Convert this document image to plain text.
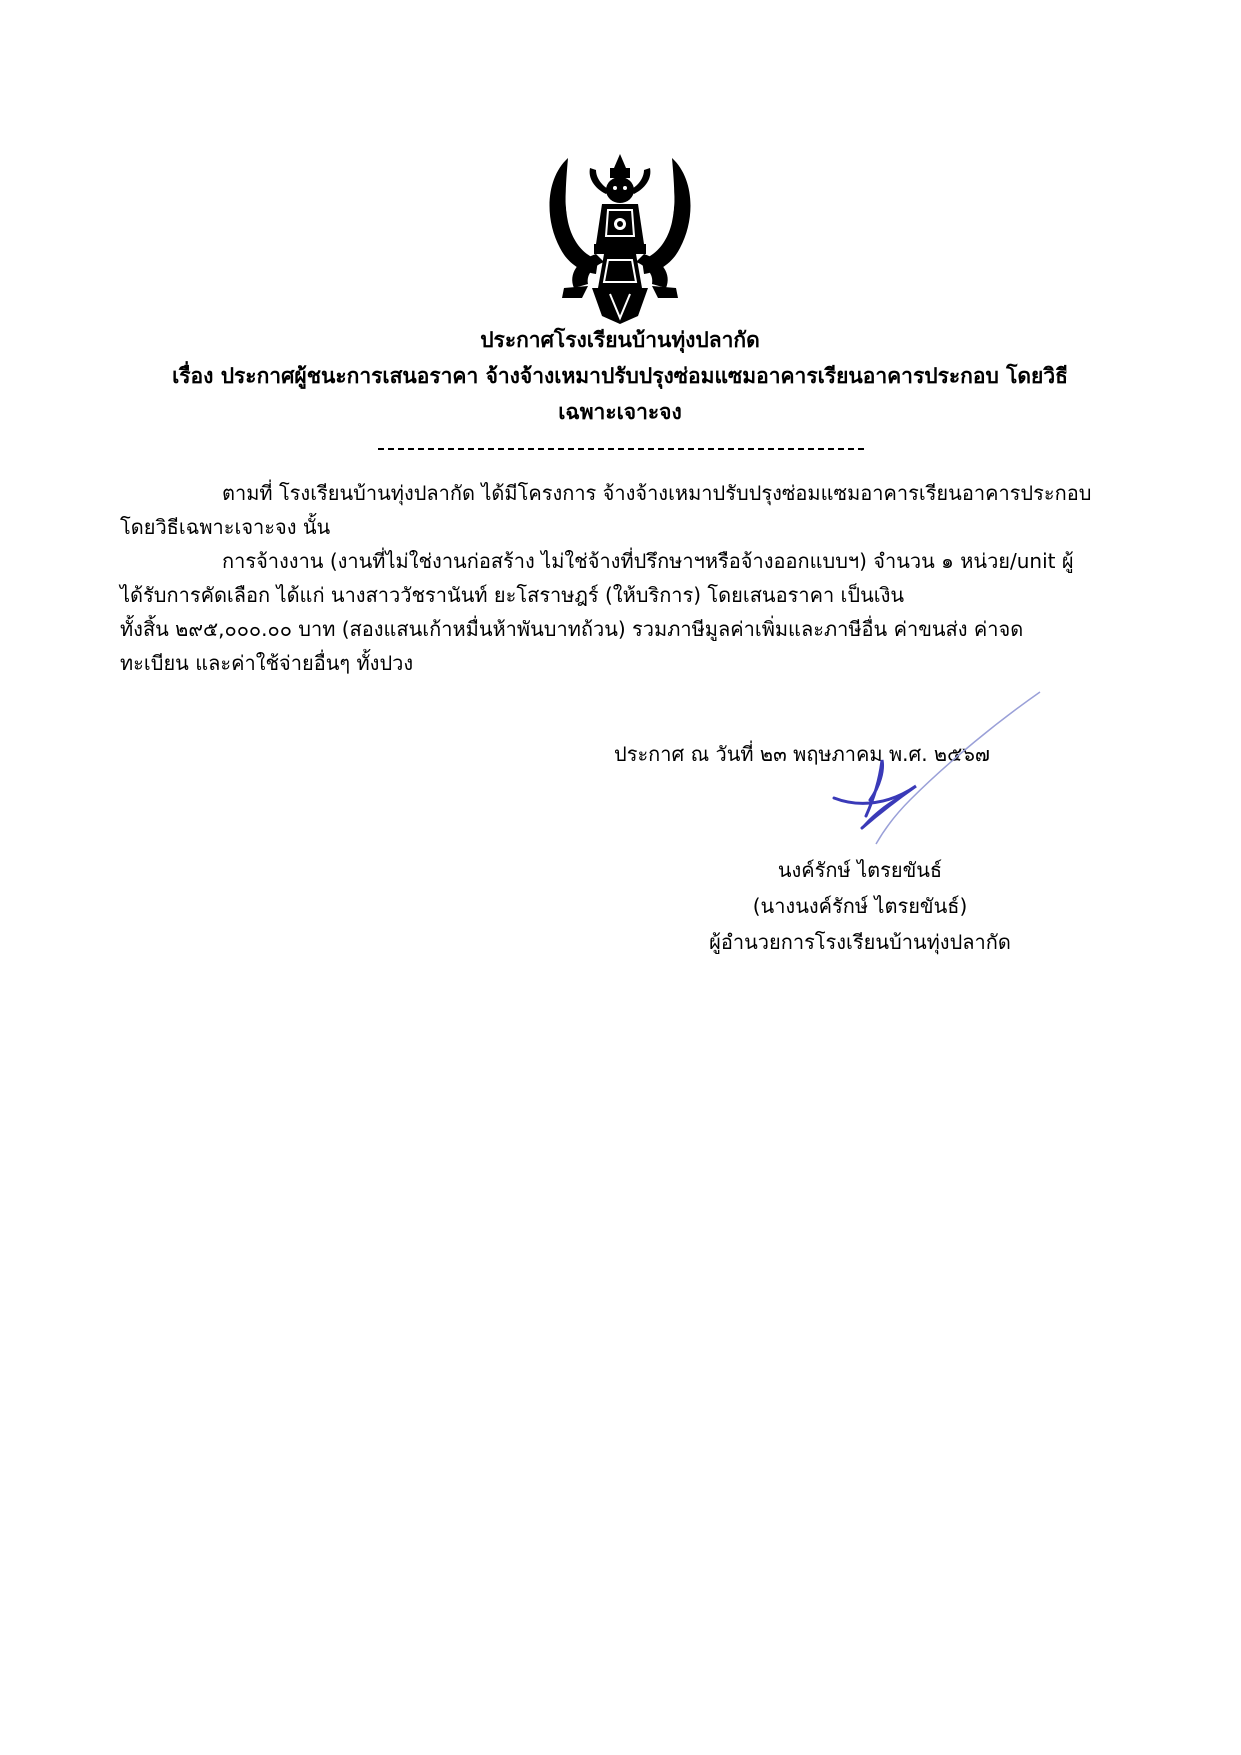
ประกาศโรงเรียนบ้านทุ่งปลากัด
เรื่อง ประกาศผู้ชนะการเสนอราคา จ้างจ้างเหมาปรับปรุงซ่อมแซมอาคารเรียนอาคารประกอบ โดยวิธี
เฉพาะเจาะจง

ตามที่ โรงเรียนบ้านทุ่งปลากัด ได้มีโครงการ จ้างจ้างเหมาปรับปรุงซ่อมแซมอาคารเรียนอาคารประกอบ

โดยวิธีเฉพาะเจาะจง นั้น

การจ้างงาน (งานที่ไม่ใช่งานก่อสร้าง ไม่ใช่จ้างที่ปรึกษาฯหรือจ้างออกแบบฯ) จำนวน ๑ หน่วย/unit ผู้

ได้รับการคัดเลือก ได้แก่ นางสาววัชรานันท์ ยะโสราษฎร์ (ให้บริการ) โดยเสนอราคา เป็นเงิน

ทั้งสิ้น ๒๙๕,๐๐๐.๐๐ บาท (สองแสนเก้าหมื่นห้าพันบาทถ้วน) รวมภาษีมูลค่าเพิ่มและภาษีอื่น ค่าขนส่ง ค่าจด

ทะเบียน และค่าใช้จ่ายอื่นๆ ทั้งปวง

ประกาศ ณ วันที่ ๒๓ พฤษภาคม พ.ศ. ๒๕๖๗
นงค์รักษ์ ไตรยขันธ์
(นางนงค์รักษ์ ไตรยขันธ์)
ผู้อำนวยการโรงเรียนบ้านทุ่งปลากัด
